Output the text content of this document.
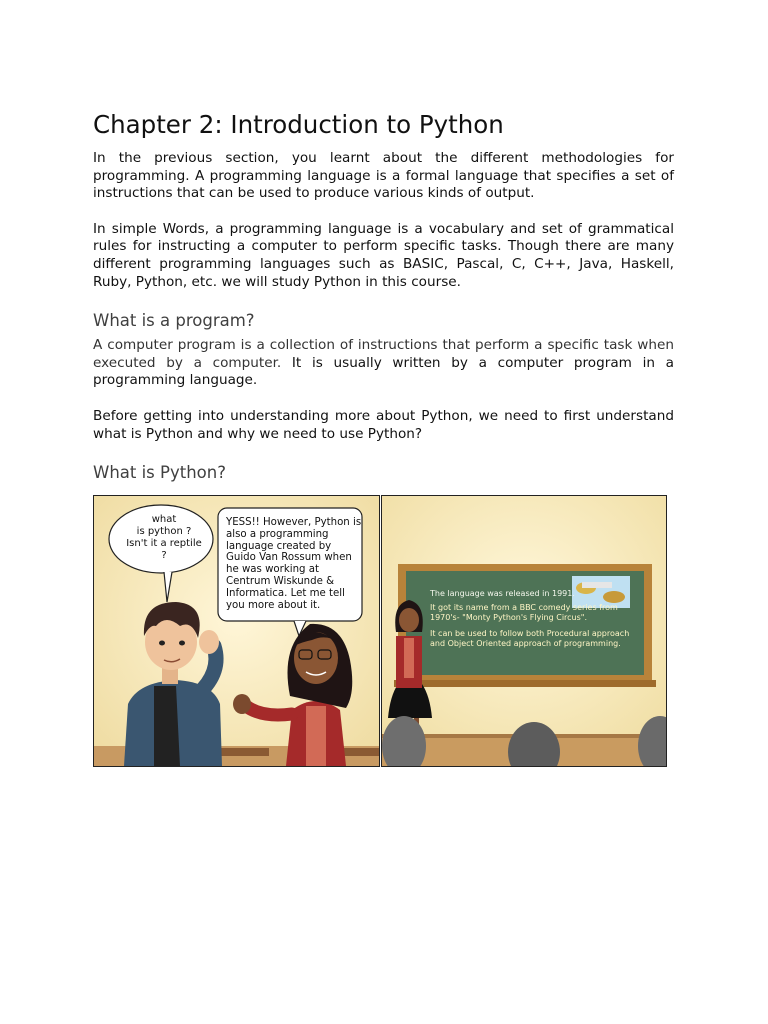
Chapter 2: Introduction to Python

In the previous section, you learnt about the different methodologies for programming. A programming language is a formal language that specifies a set of instructions that can be used to produce various kinds of output.

In simple Words, a programming language is a vocabulary and set of grammatical rules for instructing a computer to perform specific tasks. Though there are many different programming languages such as BASIC, Pascal, C, C++, Java, Haskell, Ruby, Python, etc. we will study Python in this course.

What is a program?

A computer program is a collection of instructions that perform a specific task when executed by a computer. It is usually written by a computer program in a programming language.

Before getting into understanding more about Python, we need to first understand what is Python and why we need to use Python?

What is Python?
what
is python ?
Isn't it a reptile
?
YESS!! However, Python is also a programming language created by Guido Van Rossum when he was working at Centrum Wiskunde & Informatica. Let me tell you more about it.
The language was released in 1991.
It got its name from a BBC comedy series from 1970's- "Monty Python's Flying Circus".
It can be used to follow both Procedural approach and Object Oriented approach of programming.
